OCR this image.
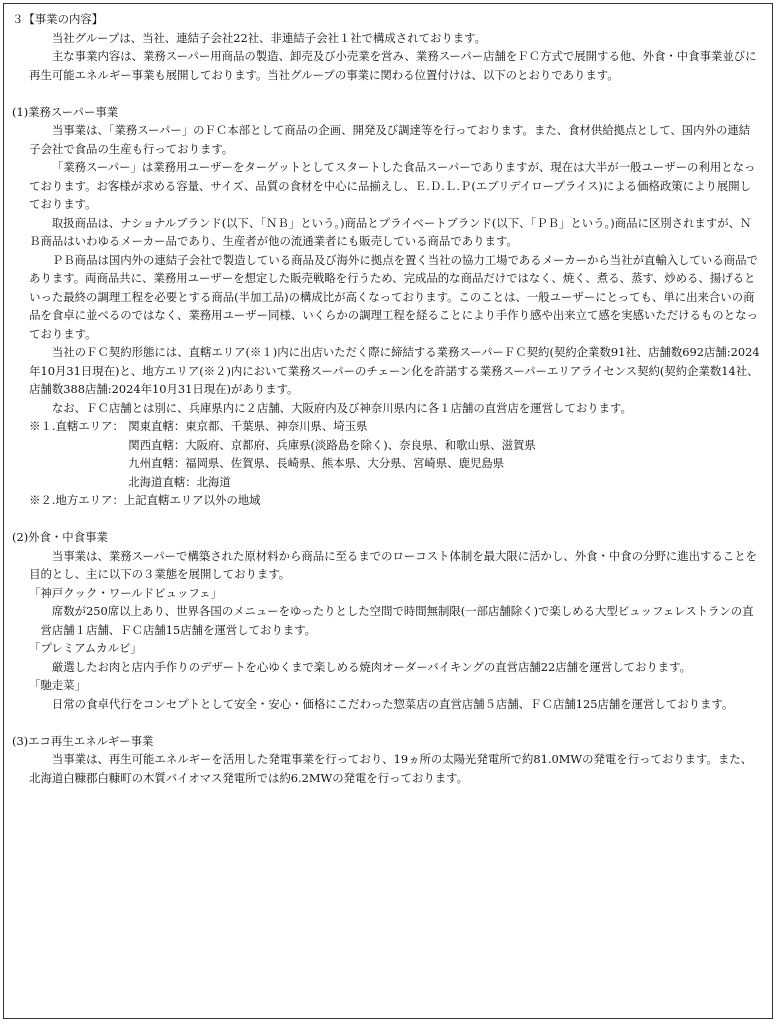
３【事業の内容】

当社グループは、当社、連結子会社22社、非連結子会社１社で構成されております。

主な事業内容は、業務スーパー用商品の製造、卸売及び小売業を営み、業務スーパー店舗をＦＣ方式で展開する他、外食・中食事業並びに再生可能エネルギー事業も展開しております。当社グループの事業に関わる位置付けは、以下のとおりであります。

(1)業務スーパー事業

当事業は、「業務スーパー」のＦＣ本部として商品の企画、開発及び調達等を行っております。また、食材供給拠点として、国内外の連結子会社で食品の生産も行っております。

「業務スーパー」は業務用ユーザーをターゲットとしてスタートした食品スーパーでありますが、現在は大半が一般ユーザーの利用となっております。お客様が求める容量、サイズ、品質の食材を中心に品揃えし、Ｅ.Ｄ.Ｌ.Ｐ(エブリデイロープライス)による価格政策により展開しております。

取扱商品は、ナショナルブランド(以下、「ＮＢ」という。)商品とプライベートブランド(以下、「ＰＢ」という。)商品に区別されますが、ＮＢ商品はいわゆるメーカー品であり、生産者が他の流通業者にも販売している商品であります。

ＰＢ商品は国内外の連結子会社で製造している商品及び海外に拠点を置く当社の協力工場であるメーカーから当社が直輸入している商品であります。両商品共に、業務用ユーザーを想定した販売戦略を行うため、完成品的な商品だけではなく、焼く、煮る、蒸す、炒める、揚げるといった最終の調理工程を必要とする商品(半加工品)の構成比が高くなっております。このことは、一般ユーザーにとっても、単に出来合いの商品を食卓に並べるのではなく、業務用ユーザー同様、いくらかの調理工程を経ることにより手作り感や出来立て感を実感いただけるものとなっております。

当社のＦＣ契約形態には、直轄エリア(※１)内に出店いただく際に締結する業務スーパーＦＣ契約(契約企業数91社、店舗数692店舗:2024年10月31日現在)と、地方エリア(※２)内において業務スーパーのチェーン化を許諾する業務スーパーエリアライセンス契約(契約企業数14社、店舗数388店舗:2024年10月31日現在)があります。

なお、ＦＣ店舗とは別に、兵庫県内に２店舗、大阪府内及び神奈川県内に各１店舗の直営店を運営しております。

※１.直轄エリア： 関東直轄：東京都、千葉県、神奈川県、埼玉県

関西直轄：大阪府、京都府、兵庫県(淡路島を除く)、奈良県、和歌山県、滋賀県

九州直轄：福岡県、佐賀県、長崎県、熊本県、大分県、宮崎県、鹿児島県

北海道直轄：北海道

※２.地方エリア：上記直轄エリア以外の地域

(2)外食・中食事業

当事業は、業務スーパーで構築された原材料から商品に至るまでのローコスト体制を最大限に活かし、外食・中食の分野に進出することを目的とし、主に以下の３業態を展開しております。

「神戸クック・ワールドビュッフェ」

席数が250席以上あり、世界各国のメニューをゆったりとした空間で時間無制限(一部店舗除く)で楽しめる大型ビュッフェレストランの直営店舗１店舗、ＦＣ店舗15店舗を運営しております。

「プレミアムカルビ」

厳選したお肉と店内手作りのデザートを心ゆくまで楽しめる焼肉オーダーバイキングの直営店舗22店舗を運営しております。

「馳走菜」

日常の食卓代行をコンセプトとして安全・安心・価格にこだわった惣菜店の直営店舗５店舗、ＦＣ店舗125店舗を運営しております。

(3)エコ再生エネルギー事業

当事業は、再生可能エネルギーを活用した発電事業を行っており、19ヵ所の太陽光発電所で約81.0MWの発電を行っております。また、北海道白糠郡白糠町の木質バイオマス発電所では約6.2MWの発電を行っております。
